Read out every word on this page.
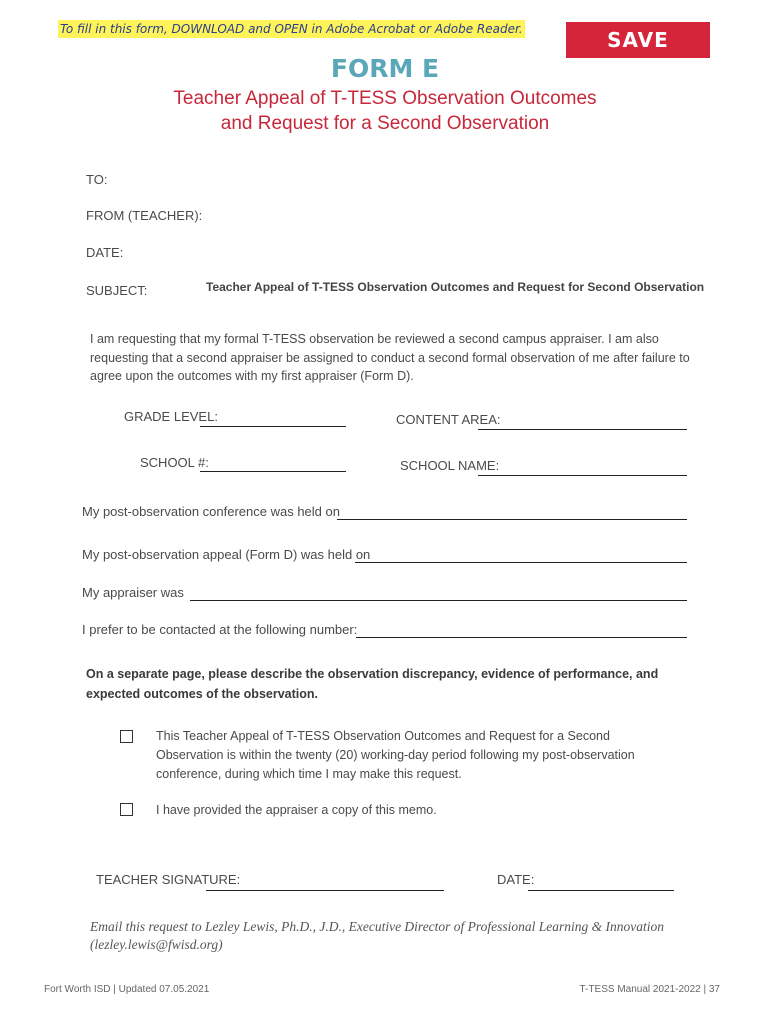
To fill in this form, DOWNLOAD and OPEN in Adobe Acrobat or Adobe Reader.	SAVE
FORM E
Teacher Appeal of T-TESS Observation Outcomes
and Request for a Second Observation
TO:
FROM (TEACHER):
DATE:
SUBJECT:	Teacher Appeal of T-TESS Observation Outcomes and Request for Second Observation
I am requesting that my formal T-TESS observation be reviewed a second campus appraiser. I am also requesting that a second appraiser be assigned to conduct a second formal observation of me after failure to agree upon the outcomes with my first appraiser (Form D).
GRADE LEVEL:	CONTENT AREA:
SCHOOL #:	SCHOOL NAME:
My post-observation conference was held on
My post-observation appeal (Form D) was held on
My appraiser was
I prefer to be contacted at the following number:
On a separate page, please describe the observation discrepancy, evidence of performance, and expected outcomes of the observation.
This Teacher Appeal of T-TESS Observation Outcomes and Request for a Second Observation is within the twenty (20) working-day period following my post-observation conference, during which time I may make this request.
I have provided the appraiser a copy of this memo.
TEACHER SIGNATURE:	DATE:
Email this request to Lezley Lewis, Ph.D., J.D., Executive Director of Professional Learning & Innovation (lezley.lewis@fwisd.org)
Fort Worth ISD | Updated 07.05.2021	T-TESS Manual 2021-2022 | 37
